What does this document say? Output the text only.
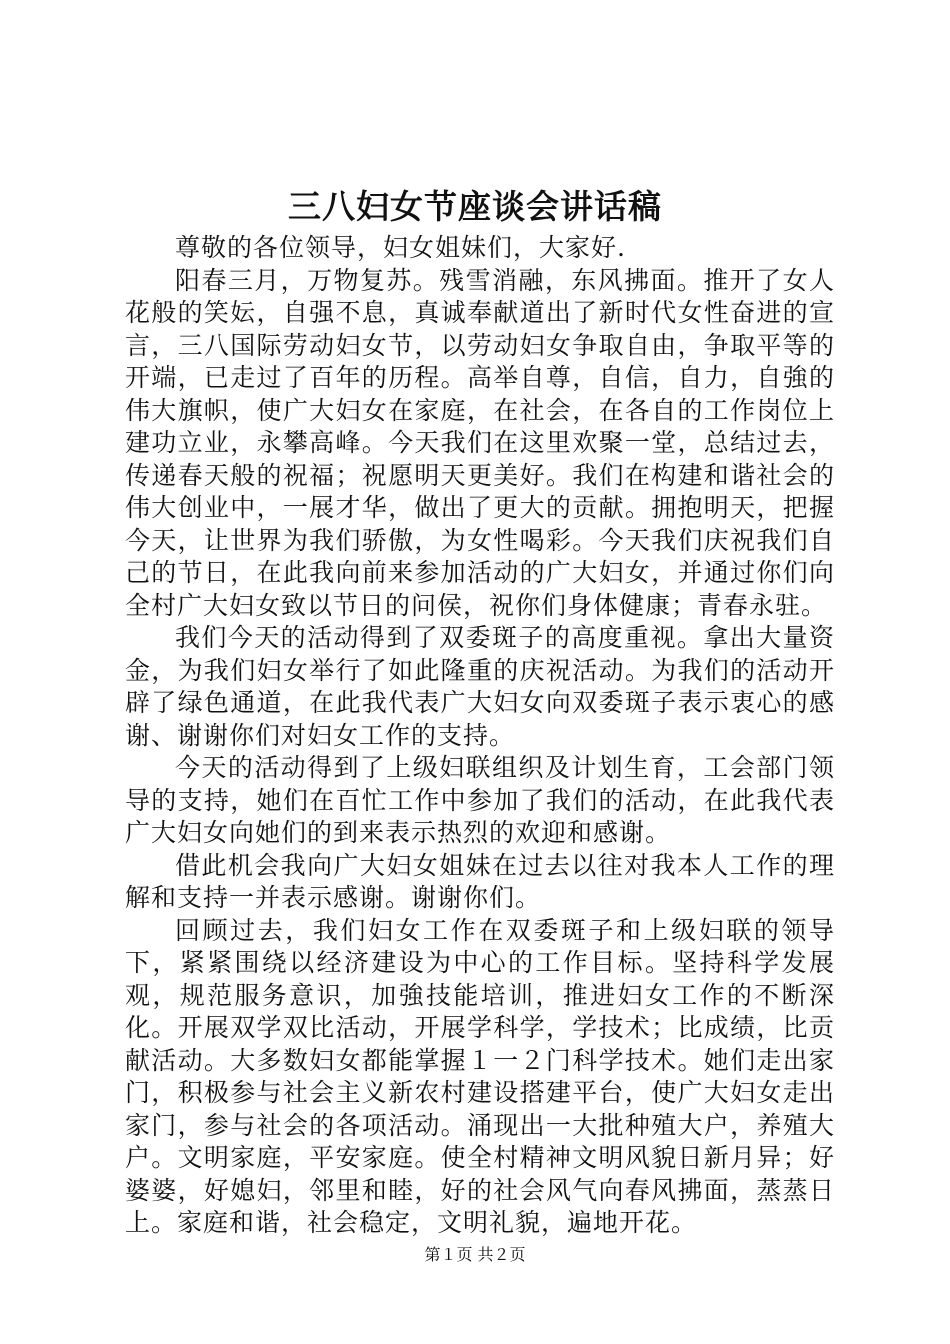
三八妇女节座谈会讲话稿

尊敬的各位领导，妇女姐妹们，大家好.

阳春三月，万物复苏。残雪消融，东风拂面。推开了女人花般的笑妘，自强不息，真诚奉献道出了新时代女性奋进的宣言，三八国际劳动妇女节，以劳动妇女争取自由，争取平等的开端，已走过了百年的历程。高举自尊，自信，自力，自強的伟大旗帜，使广大妇女在家庭，在社会，在各自的工作岗位上建功立业，永攀高峰。今天我们在这里欢聚一堂，总结过去，传递春天般的祝福；祝愿明天更美好。我们在构建和谐社会的伟大创业中，一展才华，做出了更大的贡献。拥抱明天，把握今天，让世界为我们骄傲，为女性喝彩。今天我们庆祝我们自己的节日，在此我向前来参加活动的广大妇女，并通过你们向全村广大妇女致以节日的问侯，祝你们身体健康；青春永驻。

我们今天的活动得到了双委斑子的高度重视。拿出大量资金，为我们妇女举行了如此隆重的庆祝活动。为我们的活动开辟了绿色通道，在此我代表广大妇女向双委斑子表示衷心的感谢、谢谢你们对妇女工作的支持。

今天的活动得到了上级妇联组织及计划生育，工会部门领导的支持，她们在百忙工作中参加了我们的活动，在此我代表广大妇女向她们的到来表示热烈的欢迎和感谢。

借此机会我向广大妇女姐妹在过去以往对我本人工作的理解和支持一并表示感谢。谢谢你们。

回顾过去，我们妇女工作在双委斑子和上级妇联的领导下，紧紧围绕以经济建设为中心的工作目标。坚持科学发展观，规范服务意识，加強技能培训，推进妇女工作的不断深化。开展双学双比活动，开展学科学，学技术；比成绩，比贡献活动。大多数妇女都能掌握１一２门科学技术。她们走出家门，积极参与社会主义新农村建设搭建平台，使广大妇女走出家门，参与社会的各项活动。涌现出一大批种殖大户，养殖大户。文明家庭，平安家庭。使全村精神文明风貌日新月异；好婆婆，好媳妇，邻里和睦，好的社会风气向春风拂面，蒸蒸日上。家庭和谐，社会稳定，文明礼貌，遍地开花。

第１页 共２页
